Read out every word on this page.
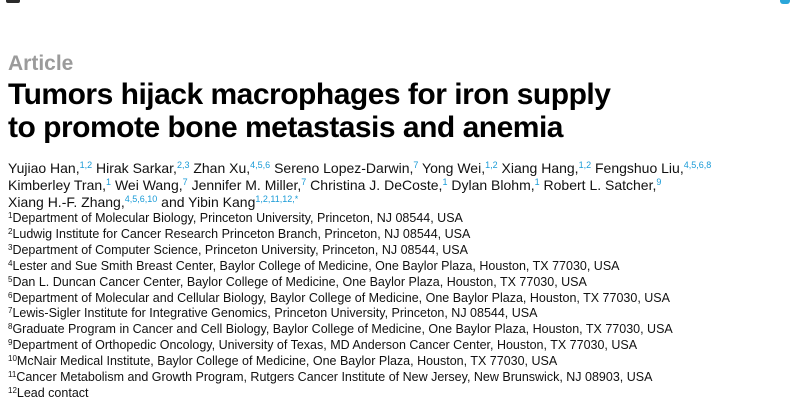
Article
Tumors hijack macrophages for iron supply
to promote bone metastasis and anemia
Yujiao Han,$^{1,2}$ Hirak Sarkar,$^{2,3}$ Zhan Xu,$^{4,5,6}$ Sereno Lopez-Darwin,$^7$ Yong Wei,$^{1,2}$ Xiang Hang,$^{1,2}$ Fengshuo Liu,$^{4,5,6,8}$
Kimberley Tran,$^1$ Wei Wang,$^7$ Jennifer M. Miller,$^7$ Christina J. DeCoste,$^1$ Dylan Blohm,$^1$ Robert L. Satcher,$^9$
Xiang H.-F. Zhang,$^{4,5,6,10}$ and Yibin Kang$^{1,2,11,12,*}$
$^1$Department of Molecular Biology, Princeton University, Princeton, NJ 08544, USA
$^2$Ludwig Institute for Cancer Research Princeton Branch, Princeton, NJ 08544, USA
$^3$Department of Computer Science, Princeton University, Princeton, NJ 08544, USA
$^4$Lester and Sue Smith Breast Center, Baylor College of Medicine, One Baylor Plaza, Houston, TX 77030, USA
$^5$Dan L. Duncan Cancer Center, Baylor College of Medicine, One Baylor Plaza, Houston, TX 77030, USA
$^6$Department of Molecular and Cellular Biology, Baylor College of Medicine, One Baylor Plaza, Houston, TX 77030, USA
$^7$Lewis-Sigler Institute for Integrative Genomics, Princeton University, Princeton, NJ 08544, USA
$^8$Graduate Program in Cancer and Cell Biology, Baylor College of Medicine, One Baylor Plaza, Houston, TX 77030, USA
$^9$Department of Orthopedic Oncology, University of Texas, MD Anderson Cancer Center, Houston, TX 77030, USA
$^{10}$McNair Medical Institute, Baylor College of Medicine, One Baylor Plaza, Houston, TX 77030, USA
$^{11}$Cancer Metabolism and Growth Program, Rutgers Cancer Institute of New Jersey, New Brunswick, NJ 08903, USA
$^{12}$Lead contact
